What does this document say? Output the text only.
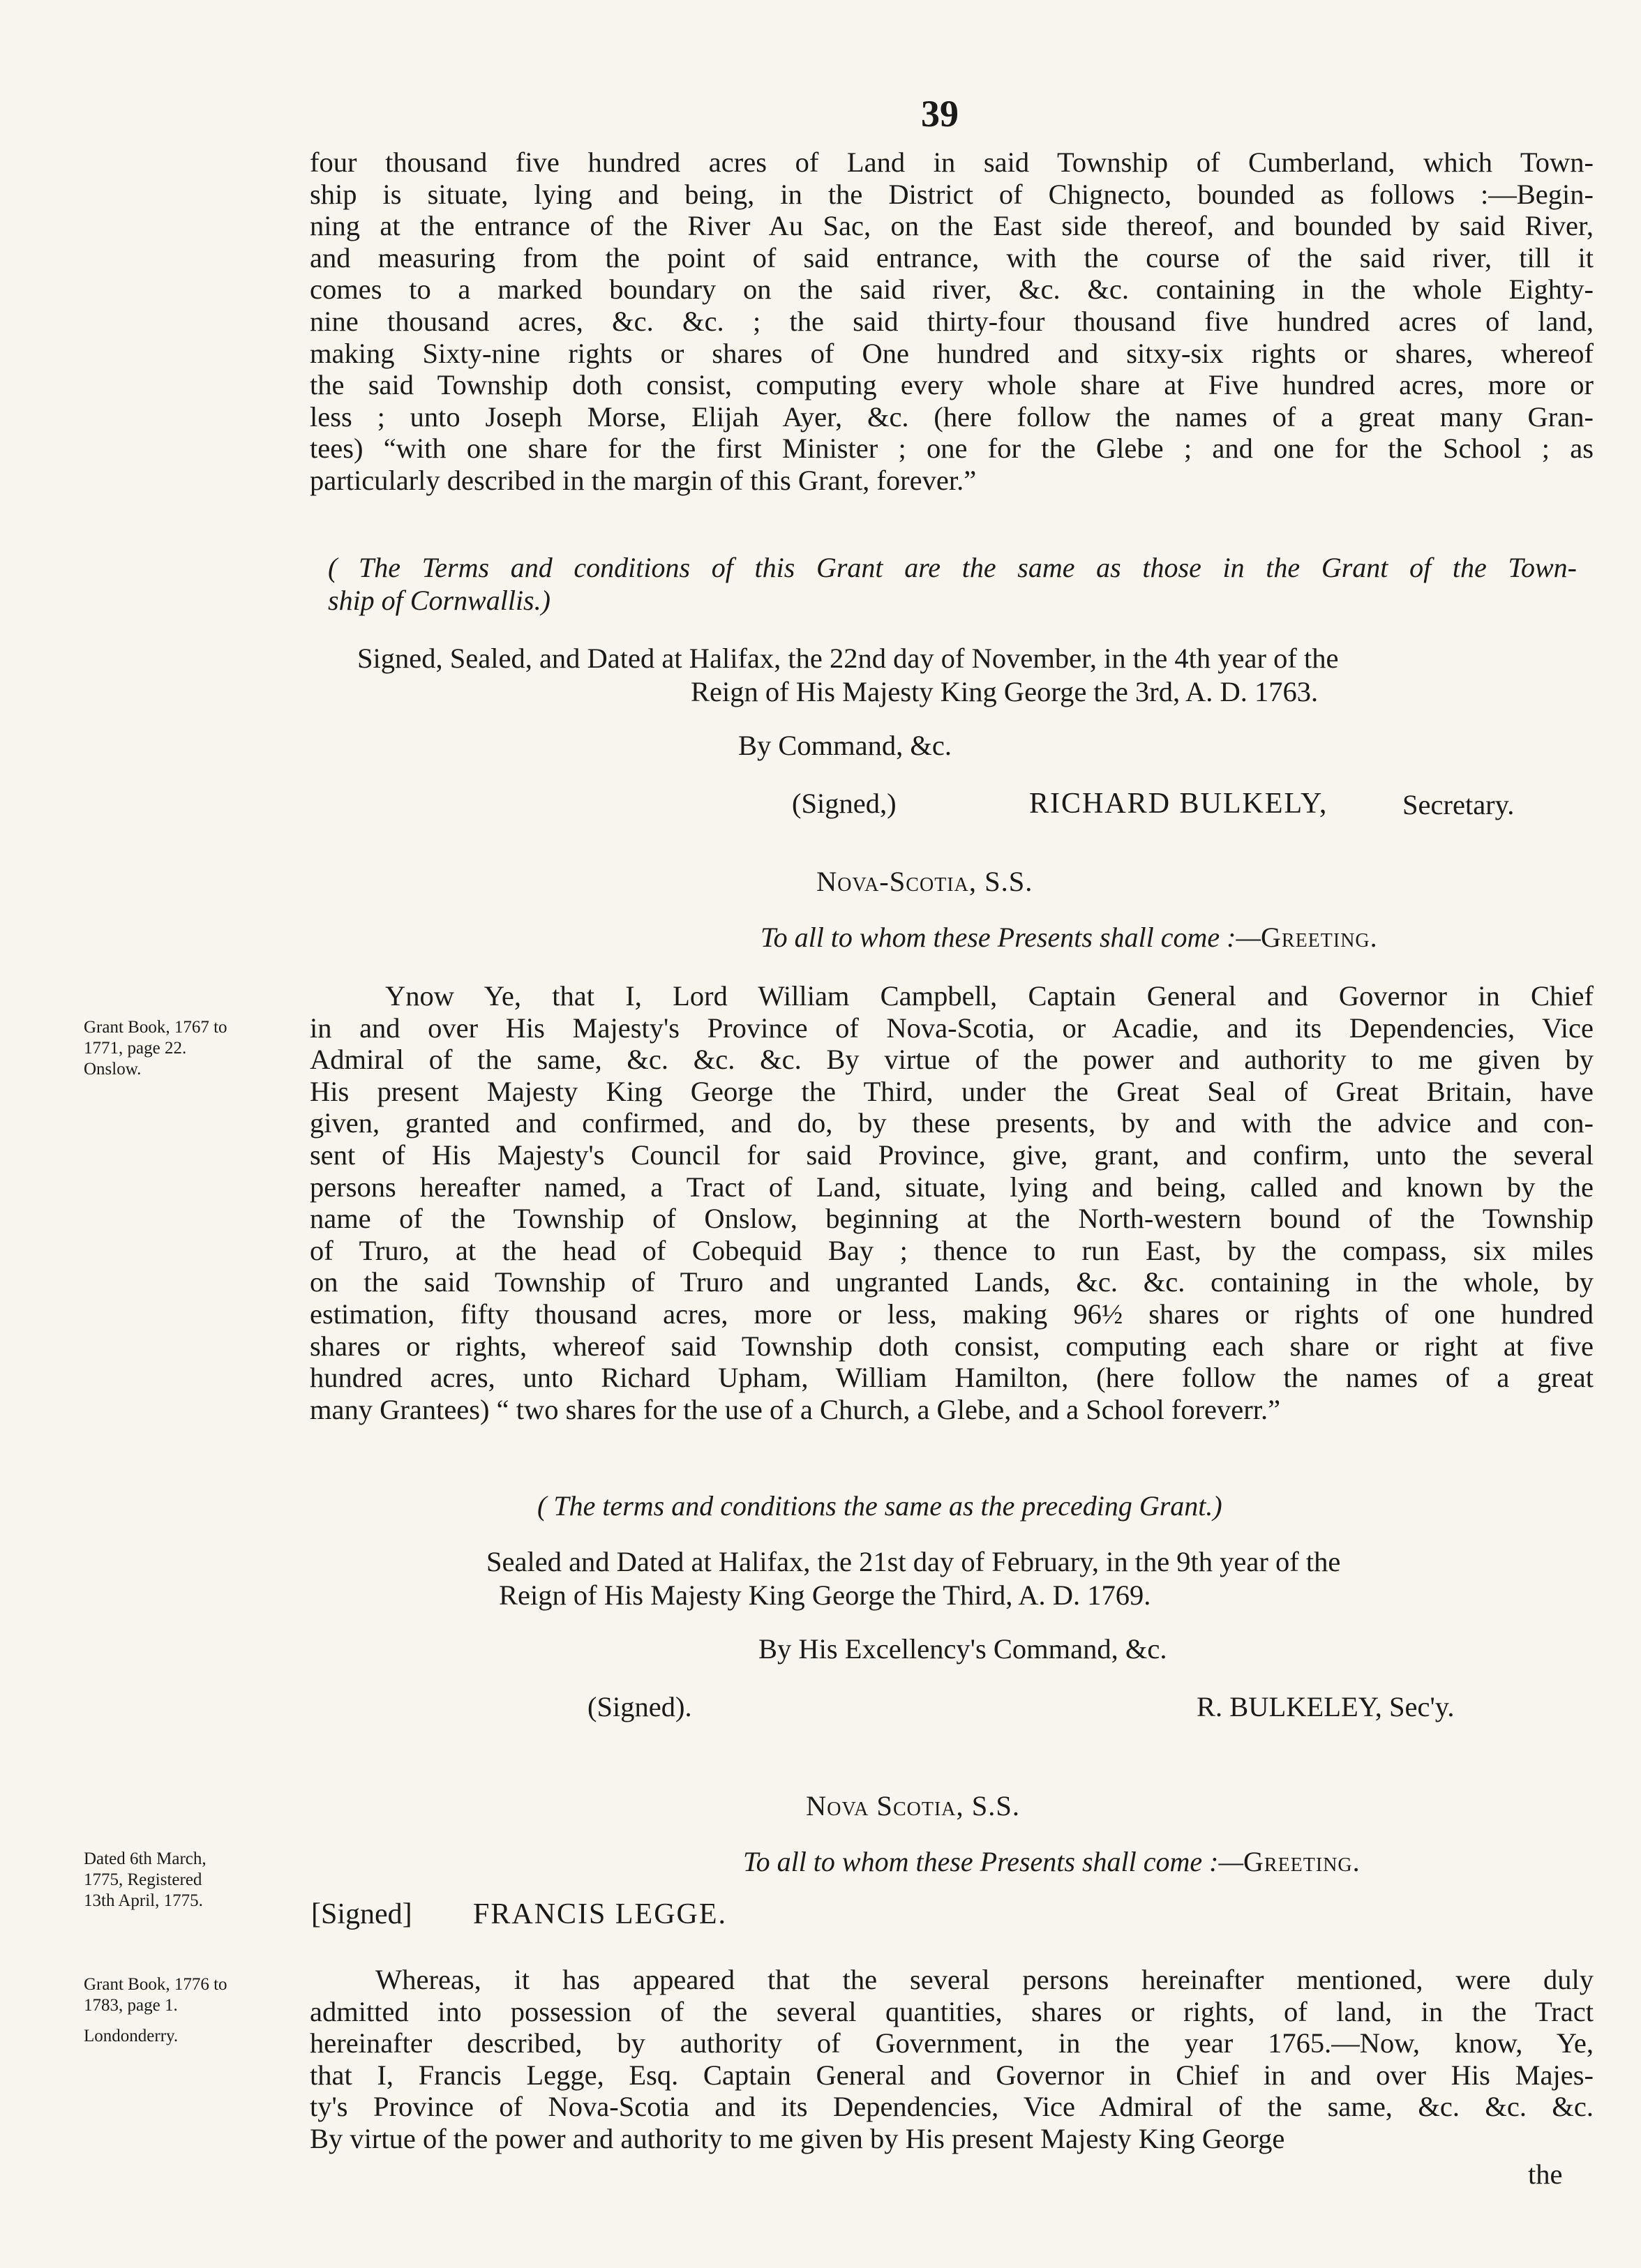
39
four thousand five hundred acres of Land in said Township of Cumberland, which Town-
ship is situate, lying and being, in the District of Chignecto, bounded as follows :—Begin-
ning at the entrance of the River Au Sac, on the East side thereof, and bounded by said River,
and measuring from the point of said entrance, with the course of the said river, till it
comes to a marked boundary on the said river, &c. &c. containing in the whole Eighty-
nine thousand acres, &c. &c. ; the said thirty-four thousand five hundred acres of land,
making Sixty-nine rights or shares of One hundred and sitxy-six rights or shares, whereof
the said Township doth consist, computing every whole share at Five hundred acres, more or
less ; unto Joseph Morse, Elijah Ayer, &c. (here follow the names of a great many Gran-
tees) “with one share for the first Minister ; one for the Glebe ; and one for the School ; as
particularly described in the margin of this Grant, forever.”
( The Terms and conditions of this Grant are the same as those in the Grant of the Town-
ship of Cornwallis.)
Signed, Sealed, and Dated at Halifax, the 22nd day of November, in the 4th year of the
Reign of His Majesty King George the 3rd, A. D. 1763.
By Command, &c.
(Signed,)	RICHARD BULKELY,	Secretary.
Nova-Scotia, S.S.
To all to whom these Presents shall come :—Greeting.
Grant Book, 1767 to
1771, page 22.
Onslow.
Ynow Ye, that I, Lord William Campbell, Captain General and Governor in Chief
in and over His Majesty's Province of Nova-Scotia, or Acadie, and its Dependencies, Vice
Admiral of the same, &c. &c. &c. By virtue of the power and authority to me given by
His present Majesty King George the Third, under the Great Seal of Great Britain, have
given, granted and confirmed, and do, by these presents, by and with the advice and con-
sent of His Majesty's Council for said Province, give, grant, and confirm, unto the several
persons hereafter named, a Tract of Land, situate, lying and being, called and known by the
name of the Township of Onslow, beginning at the North-western bound of the Township
of Truro, at the head of Cobequid Bay ; thence to run East, by the compass, six miles
on the said Township of Truro and ungranted Lands, &c. &c. containing in the whole, by
estimation, fifty thousand acres, more or less, making 96½ shares or rights of one hundred
shares or rights, whereof said Township doth consist, computing each share or right at five
hundred acres, unto Richard Upham, William Hamilton, (here follow the names of a great
many Grantees) “ two shares for the use of a Church, a Glebe, and a School foreverr.”
( The terms and conditions the same as the preceding Grant.)
Sealed and Dated at Halifax, the 21st day of February, in the 9th year of the
Reign of His Majesty King George the Third, A. D. 1769.
By His Excellency's Command, &c.
(Signed).	R. BULKELEY, Sec'y.
Nova Scotia, S.S.
Dated 6th March,
1775, Registered
13th April, 1775.
To all to whom these Presents shall come :—Greeting.
[Signed] FRANCIS LEGGE.
Grant Book, 1776 to
1783, page 1.
Londonderry.
Whereas, it has appeared that the several persons hereinafter mentioned, were duly
admitted into possession of the several quantities, shares or rights, of land, in the Tract
hereinafter described, by authority of Government, in the year 1765.—Now, know, Ye,
that I, Francis Legge, Esq. Captain General and Governor in Chief in and over His Majes-
ty's Province of Nova-Scotia and its Dependencies, Vice Admiral of the same, &c. &c. &c.
By virtue of the power and authority to me given by His present Majesty King George
the
